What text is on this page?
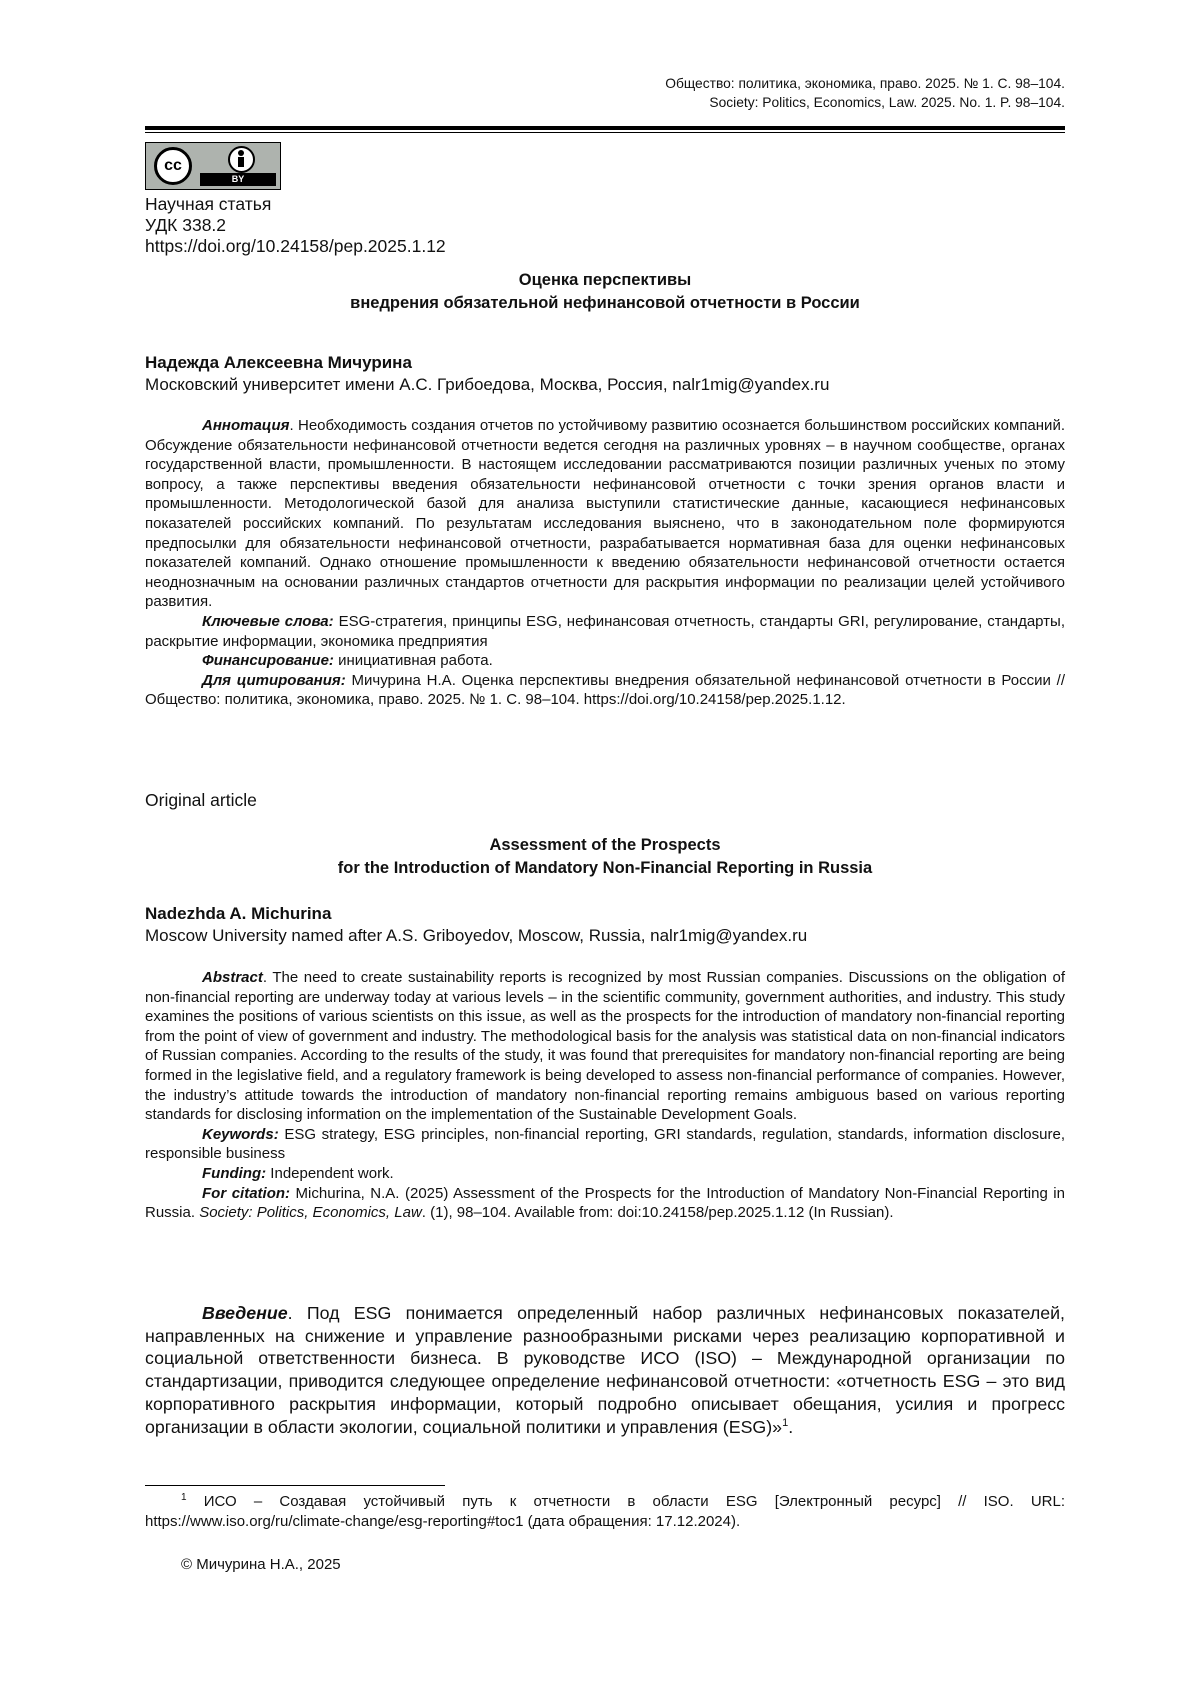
Общество: политика, экономика, право. 2025. № 1. С. 98–104.
Society: Politics, Economics, Law. 2025. No. 1. P. 98–104.
cc
BY
Научная статья
УДК 338.2
https://doi.org/10.24158/pep.2025.1.12
Оценка перспективы
внедрения обязательной нефинансовой отчетности в России
Надежда Алексеевна Мичурина
Московский университет имени А.С. Грибоедова, Москва, Россия, nalr1mig@yandex.ru

Аннотация. Необходимость создания отчетов по устойчивому развитию осознается большинством российских компаний. Обсуждение обязательности нефинансовой отчетности ведется сегодня на различных уровнях – в научном сообществе, органах государственной власти, промышленности. В настоящем исследовании рассматриваются позиции различных ученых по этому вопросу, а также перспективы введения обязательности нефинансовой отчетности с точки зрения органов власти и промышленности. Методологической базой для анализа выступили статистические данные, касающиеся нефинансовых показателей российских компаний. По результатам исследования выяснено, что в законодательном поле формируются предпосылки для обязательности нефинансовой отчетности, разрабатывается нормативная база для оценки нефинансовых показателей компаний. Однако отношение промышленности к введению обязательности нефинансовой отчетности остается неоднозначным на основании различных стандартов отчетности для раскрытия информации по реализации целей устойчивого развития.

Ключевые слова: ESG-стратегия, принципы ESG, нефинансовая отчетность, стандарты GRI, регулирование, стандарты, раскрытие информации, экономика предприятия

Финансирование: инициативная работа.

Для цитирования: Мичурина Н.А. Оценка перспективы внедрения обязательной нефинансовой отчетности в России // Общество: политика, экономика, право. 2025. № 1. С. 98–104. https://doi.org/10.24158/pep.2025.1.12.

Original article
Assessment of the Prospects
for the Introduction of Mandatory Non-Financial Reporting in Russia
Nadezhda A. Michurina
Moscow University named after A.S. Griboyedov, Moscow, Russia, nalr1mig@yandex.ru

Abstract. The need to create sustainability reports is recognized by most Russian companies. Discussions on the obligation of non-financial reporting are underway today at various levels – in the scientific community, government authorities, and industry. This study examines the positions of various scientists on this issue, as well as the prospects for the introduction of mandatory non-financial reporting from the point of view of government and industry. The methodological basis for the analysis was statistical data on non-financial indicators of Russian companies. According to the results of the study, it was found that prerequisites for mandatory non-financial reporting are being formed in the legislative field, and a regulatory framework is being developed to assess non-financial performance of companies. However, the industry’s attitude towards the introduction of mandatory non-financial reporting remains ambiguous based on various reporting standards for disclosing information on the implementation of the Sustainable Development Goals.

Keywords: ESG strategy, ESG principles, non-financial reporting, GRI standards, regulation, standards, information disclosure, responsible business

Funding: Independent work.

For citation: Michurina, N.A. (2025) Assessment of the Prospects for the Introduction of Mandatory Non-Financial Reporting in Russia. Society: Politics, Economics, Law. (1), 98–104. Available from: doi:10.24158/pep.2025.1.12 (In Russian).

Введение. Под ESG понимается определенный набор различных нефинансовых показателей, направленных на снижение и управление разнообразными рисками через реализацию корпоративной и социальной ответственности бизнеса. В руководстве ИСО (ISO) – Международной организации по стандартизации, приводится следующее определение нефинансовой отчетности: «отчетность ESG – это вид корпоративного раскрытия информации, который подробно описывает обещания, усилия и прогресс организации в области экологии, социальной политики и управления (ESG)»$^1$.

$^1$ ИСО – Создавая устойчивый путь к отчетности в области ESG [Электронный ресурс] // ISO. URL: https://www.iso.org/ru/climate-change/esg-reporting#toc1 (дата обращения: 17.12.2024).

© Мичурина Н.А., 2025
